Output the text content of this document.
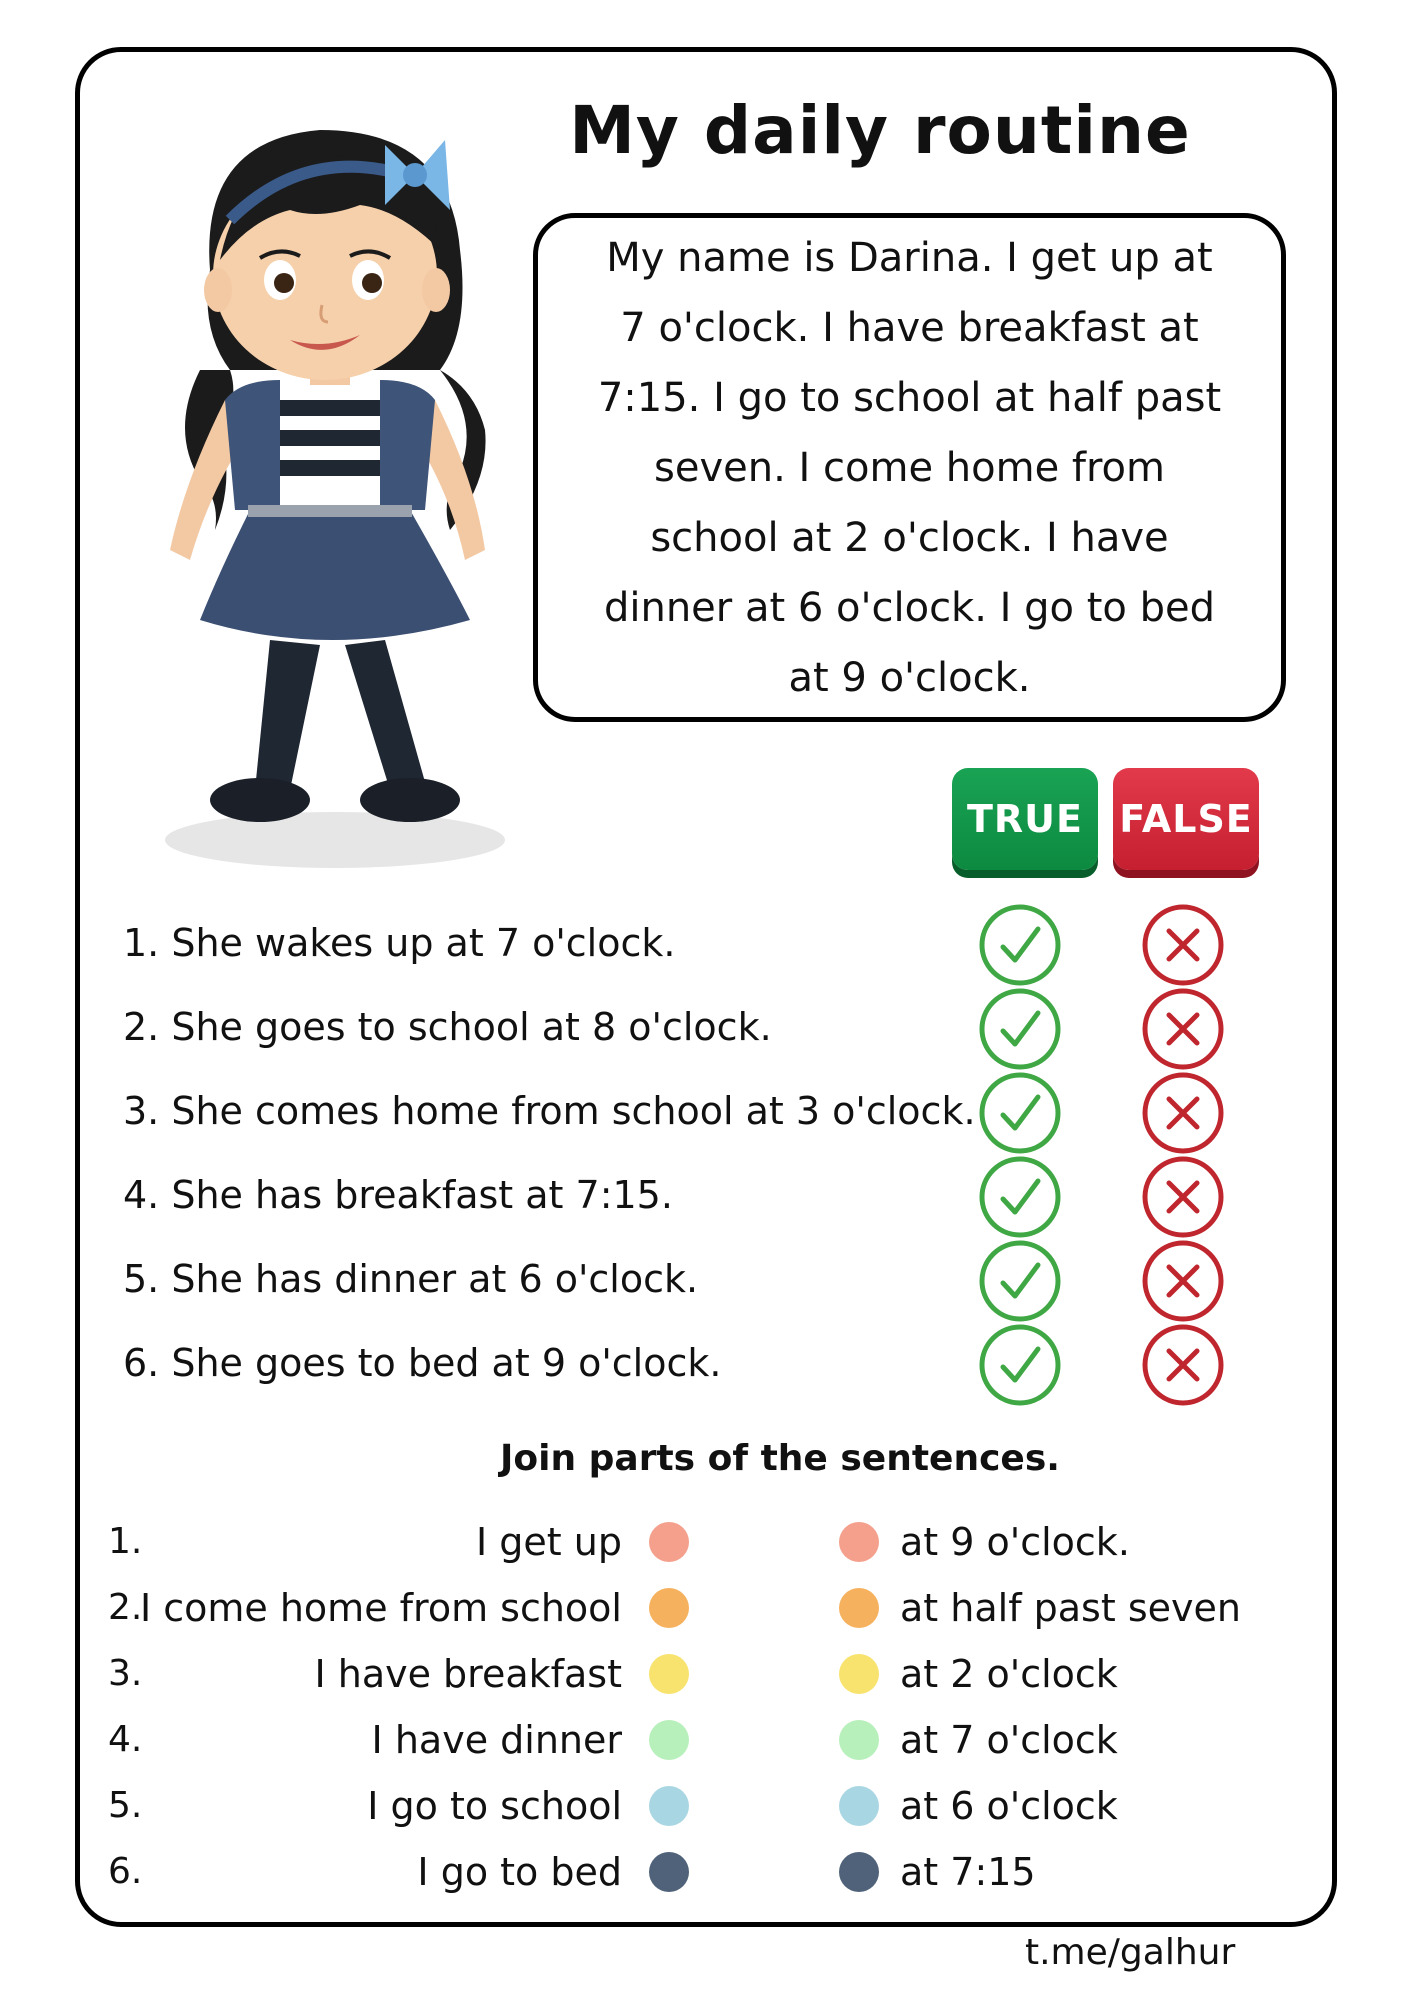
My daily routine
My name is Darina. I get up at 7 o'clock. I have breakfast at 7:15. I go to school at half past seven. I come home from school at 2 o'clock. I have dinner at 6 o'clock. I go to bed at 9 o'clock.
TRUE FALSE
1. She wakes up at 7 o'clock.
2. She goes to school at 8 o'clock.
3. She comes home from school at 3 o'clock.
4. She has breakfast at 7:15.
5. She has dinner at 6 o'clock.
6. She goes to bed at 9 o'clock.
Join parts of the sentences.
1.
2.
3.
4.
5.
6.
I get up
I come home from school
I have breakfast
I have dinner
I go to school
I go to bed
at 9 o'clock.
at half past seven
at 2 o'clock
at 7 o'clock
at 6 o'clock
at 7:15
t.me/galhur
